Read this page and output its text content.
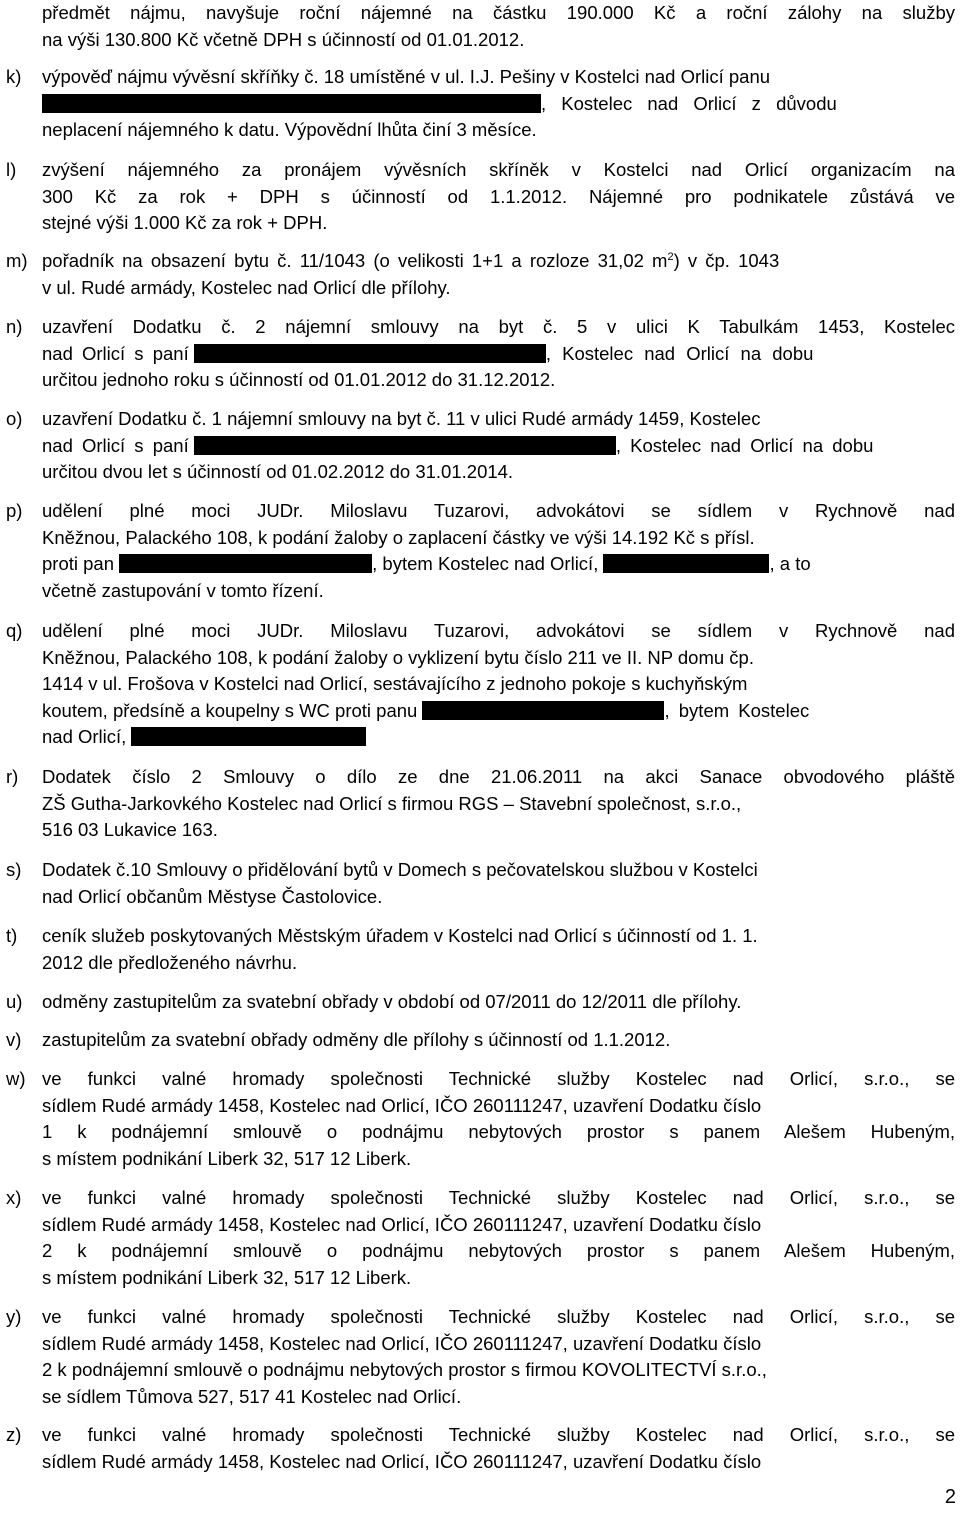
předmět nájmu, navyšuje roční nájemné na částku 190.000 Kč a roční zálohy na služby
na výši 130.800 Kč včetně DPH s účinností od 01.01.2012.
k) výpověď nájmu vývěsní skříňky č. 18 umístěné v ul. I.J. Pešiny v Kostelci nad Orlicí panu
, Kostelec nad Orlicí z důvodu
neplacení nájemného k datu. Výpovědní lhůta činí 3 měsíce.
l) zvýšení nájemného za pronájem vývěsních skříněk v Kostelci nad Orlicí organizacím na
300 Kč za rok + DPH s účinností od 1.1.2012. Nájemné pro podnikatele zůstává ve
stejné výši 1.000 Kč za rok + DPH.
m) pořadník na obsazení bytu č. 11/1043 (o velikosti 1+1 a rozloze 31,02 $m^2$) v čp. 1043
v ul. Rudé armády, Kostelec nad Orlicí dle přílohy.
n) uzavření Dodatku č. 2 nájemní smlouvy na byt č. 5 v ulici K Tabulkám 1453, Kostelec
nad Orlicí s paní	, Kostelec nad Orlicí na dobu
určitou jednoho roku s účinností od 01.01.2012 do 31.12.2012.
o) uzavření Dodatku č. 1 nájemní smlouvy na byt č. 11 v ulici Rudé armády 1459, Kostelec
nad Orlicí s paní	, Kostelec nad Orlicí na dobu
určitou dvou let s účinností od 01.02.2012 do 31.01.2014.
p) udělení plné moci JUDr. Miloslavu Tuzarovi, advokátovi se sídlem v Rychnově nad
Kněžnou, Palackého 108, k podání žaloby o zaplacení částky ve výši 14.192 Kč s přísl.
proti pan	, bytem Kostelec nad Orlicí,	, a to
včetně zastupování v tomto řízení.
q) udělení plné moci JUDr. Miloslavu Tuzarovi, advokátovi se sídlem v Rychnově nad
Kněžnou, Palackého 108, k podání žaloby o vyklizení bytu číslo 211 ve II. NP domu čp.
1414 v ul. Frošova v Kostelci nad Orlicí, sestávajícího z jednoho pokoje s kuchyňským
koutem, předsíně a koupelny s WC proti panu	, bytem Kostelec
nad Orlicí,
r) Dodatek číslo 2 Smlouvy o dílo ze dne 21.06.2011 na akci Sanace obvodového pláště
ZŠ Gutha-Jarkovkého Kostelec nad Orlicí s firmou RGS – Stavební společnost, s.r.o.,
516 03 Lukavice 163.
s) Dodatek č.10 Smlouvy o přidělování bytů v Domech s pečovatelskou službou v Kostelci
nad Orlicí občanům Městyse Častolovice.
t) ceník služeb poskytovaných Městským úřadem v Kostelci nad Orlicí s účinností od 1. 1.
2012 dle předloženého návrhu.
u) odměny zastupitelům za svatební obřady v období od 07/2011 do 12/2011 dle přílohy.
v) zastupitelům za svatební obřady odměny dle přílohy s účinností od 1.1.2012.
w) ve funkci valné hromady společnosti Technické služby Kostelec nad Orlicí, s.r.o., se
sídlem Rudé armády 1458, Kostelec nad Orlicí, IČO 260111247, uzavření Dodatku číslo
1 k podnájemní smlouvě o podnájmu nebytových prostor s panem Alešem Hubeným,
s místem podnikání Liberk 32, 517 12 Liberk.
x) ve funkci valné hromady společnosti Technické služby Kostelec nad Orlicí, s.r.o., se
sídlem Rudé armády 1458, Kostelec nad Orlicí, IČO 260111247, uzavření Dodatku číslo
2 k podnájemní smlouvě o podnájmu nebytových prostor s panem Alešem Hubeným,
s místem podnikání Liberk 32, 517 12 Liberk.
y) ve funkci valné hromady společnosti Technické služby Kostelec nad Orlicí, s.r.o., se
sídlem Rudé armády 1458, Kostelec nad Orlicí, IČO 260111247, uzavření Dodatku číslo
2 k podnájemní smlouvě o podnájmu nebytových prostor s firmou KOVOLITECTVÍ s.r.o.,
se sídlem Tůmova 527, 517 41 Kostelec nad Orlicí.
z) ve funkci valné hromady společnosti Technické služby Kostelec nad Orlicí, s.r.o., se
sídlem Rudé armády 1458, Kostelec nad Orlicí, IČO 260111247, uzavření Dodatku číslo
2
